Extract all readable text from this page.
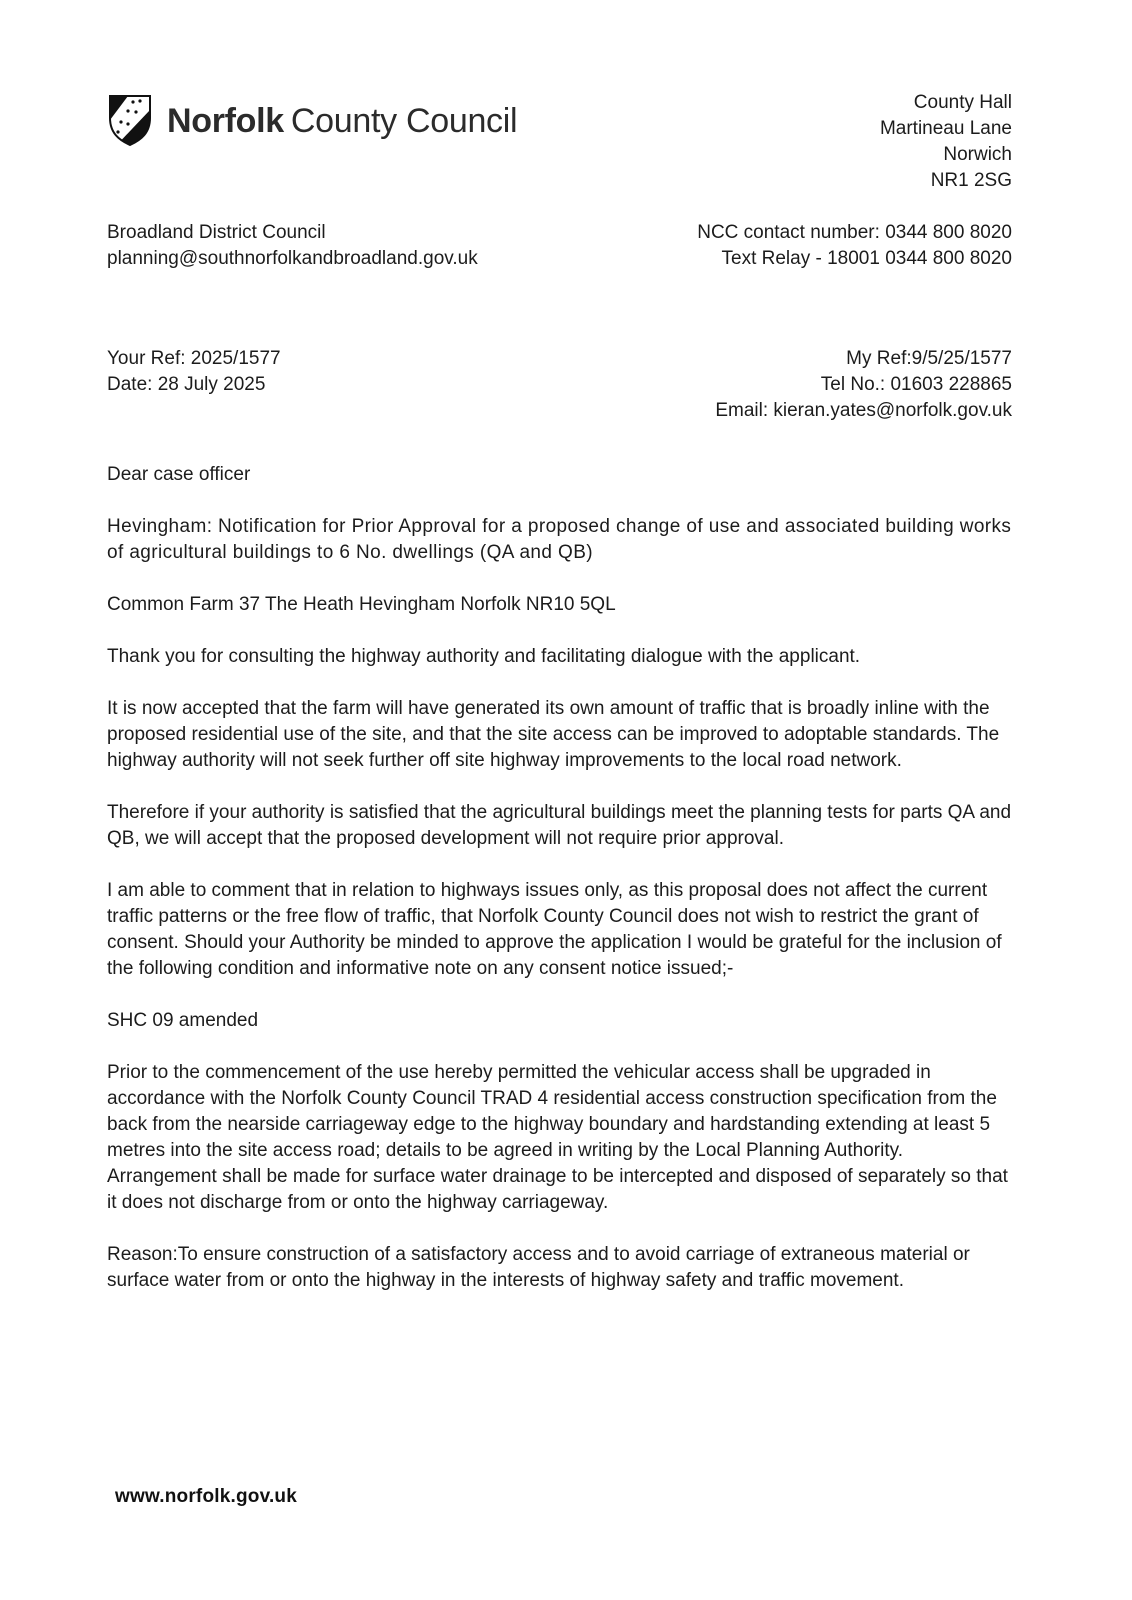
Norfolk County Council	County Hall
Martineau Lane
Norwich
NR1 2SG
Broadland District Council
planning@southnorfolkandbroadland.gov.uk
NCC contact number: 0344 800 8020
Text Relay - 18001 0344 800 8020
Your Ref: 2025/1577
Date: 28 July 2025
My Ref:9/5/25/1577
Tel No.: 01603 228865
Email: kieran.yates@norfolk.gov.uk

Dear case officer

Hevingham: Notification for Prior Approval for a proposed change of use and associated building works of agricultural buildings to 6 No. dwellings (QA and QB)

Common Farm 37 The Heath Hevingham Norfolk NR10 5QL

Thank you for consulting the highway authority and facilitating dialogue with the applicant.

It is now accepted that the farm will have generated its own amount of traffic that is broadly inline with the proposed residential use of the site, and that the site access can be improved to adoptable standards. The highway authority will not seek further off site highway improvements to the local road network.

Therefore if your authority is satisfied that the agricultural buildings meet the planning tests for parts QA and QB, we will accept that the proposed development will not require prior approval.

I am able to comment that in relation to highways issues only, as this proposal does not affect the current traffic patterns or the free flow of traffic, that Norfolk County Council does not wish to restrict the grant of consent. Should your Authority be minded to approve the application I would be grateful for the inclusion of the following condition and informative note on any consent notice issued;-

SHC 09 amended

Prior to the commencement of the use hereby permitted the vehicular access shall be upgraded in accordance with the Norfolk County Council TRAD 4 residential access construction specification from the back from the nearside carriageway edge to the highway boundary and hardstanding extending at least 5 metres into the site access road; details to be agreed in writing by the Local Planning Authority. Arrangement shall be made for surface water drainage to be intercepted and disposed of separately so that it does not discharge from or onto the highway carriageway.

Reason:To ensure construction of a satisfactory access and to avoid carriage of extraneous material or surface water from or onto the highway in the interests of highway safety and traffic movement.

www.norfolk.gov.uk
